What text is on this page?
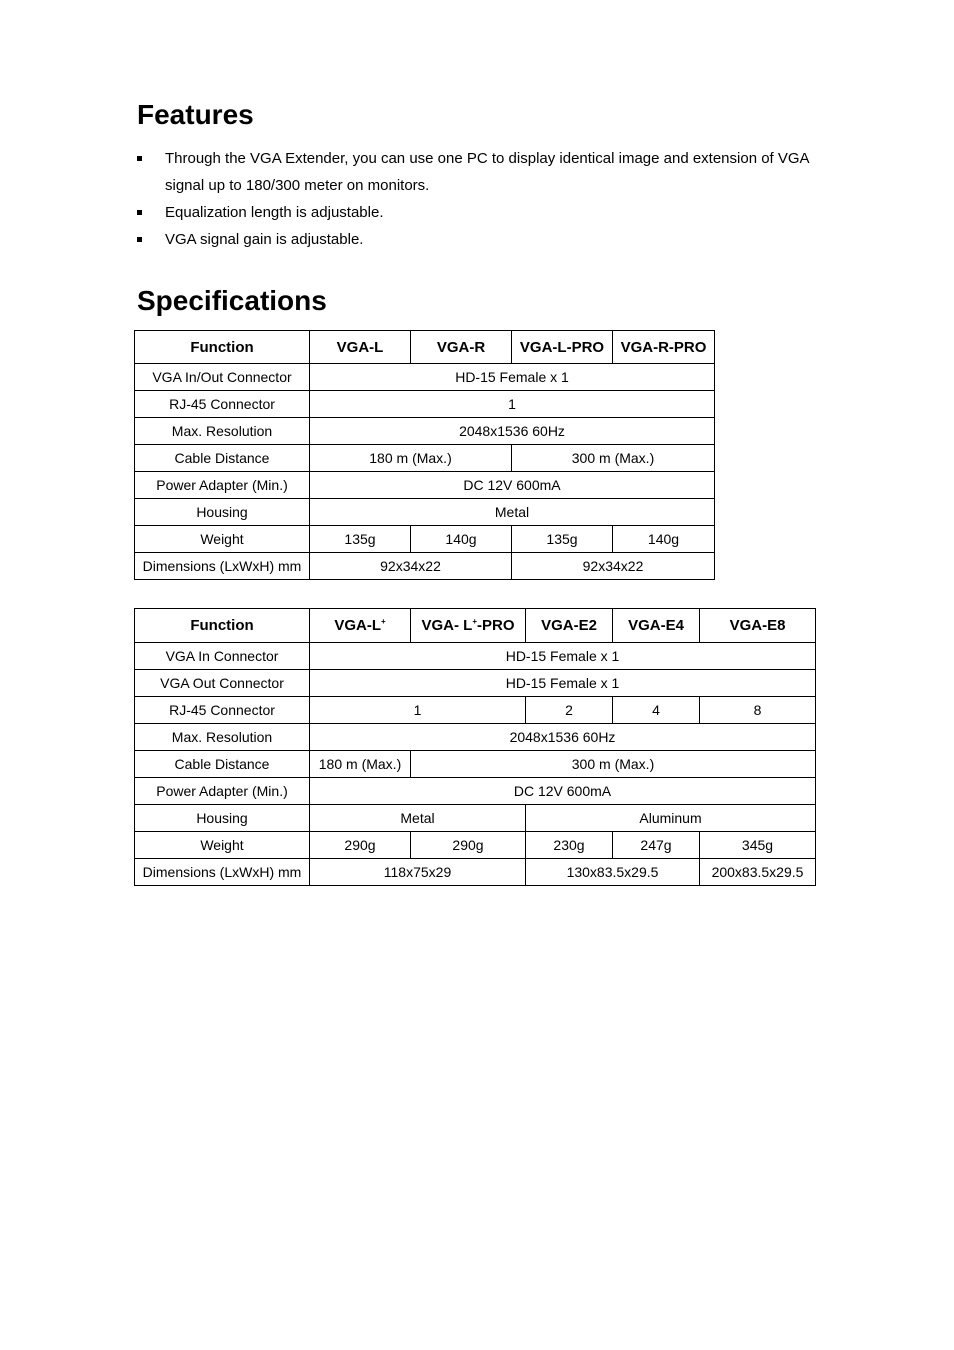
Features
Through the VGA Extender, you can use one PC to display identical image and extension of VGA signal up to 180/300 meter on monitors.
Equalization length is adjustable.
VGA signal gain is adjustable.
Specifications
Function	VGA-L	VGA-R	VGA-L-PRO	VGA-R-PRO
VGA In/Out Connector	HD-15 Female x 1			
RJ-45 Connector	1			
Max. Resolution	2048x1536 60Hz			
Cable Distance	180 m (Max.)		300 m (Max.)	
Power Adapter (Min.)	DC 12V 600mA			
Housing	Metal			
Weight	135g	140g	135g	140g
Dimensions (LxWxH) mm	92x34x22		92x34x22	
Function	VGA-L+	VGA- L+-PRO	VGA-E2	VGA-E4	VGA-E8
VGA In Connector	HD-15 Female x 1				
VGA Out Connector	HD-15 Female x 1				
RJ-45 Connector	1		2	4	8
Max. Resolution	2048x1536 60Hz				
Cable Distance	180 m (Max.)	300 m (Max.)			
Power Adapter (Min.)	DC 12V 600mA				
Housing	Metal		Aluminum		
Weight	290g	290g	230g	247g	345g
Dimensions (LxWxH) mm	118x75x29		130x83.5x29.5		200x83.5x29.5
